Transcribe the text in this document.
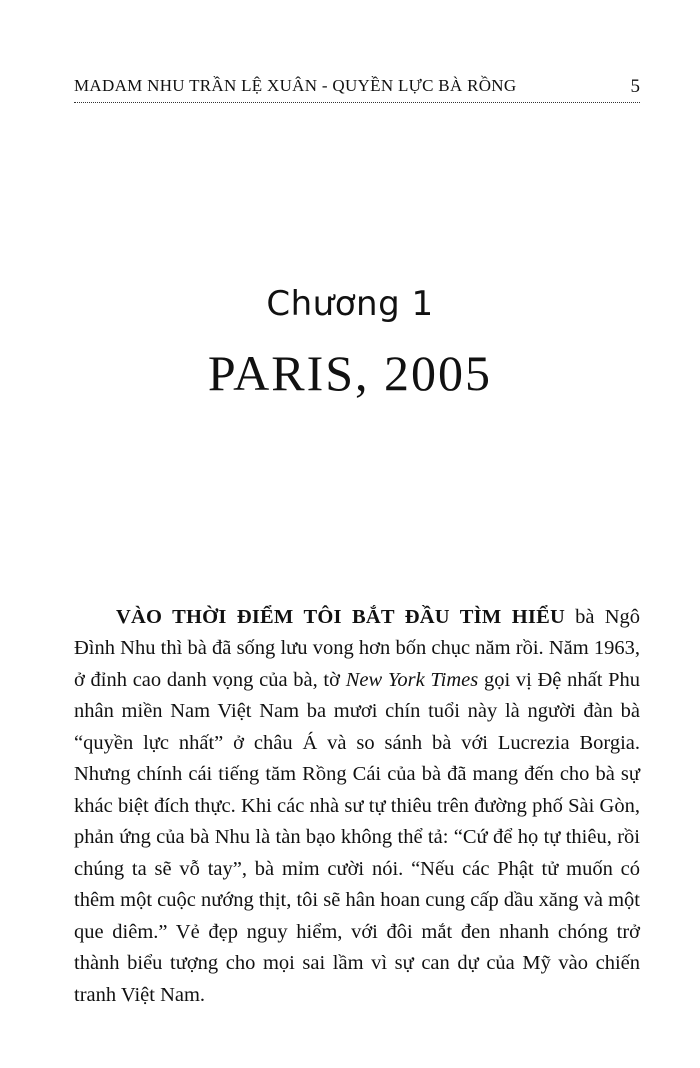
MADAM NHU TRẦN LỆ XUÂN - QUYỀN LỰC BÀ RỒNG	5
Chương 1
PARIS, 2005

VÀO THỜI ĐIỂM TÔI BẮT ĐẦU TÌM HIỂU bà Ngô Đình Nhu thì bà đã sống lưu vong hơn bốn chục năm rồi. Năm 1963, ở đỉnh cao danh vọng của bà, tờ New York Times gọi vị Đệ nhất Phu nhân miền Nam Việt Nam ba mươi chín tuổi này là người đàn bà “quyền lực nhất” ở châu Á và so sánh bà với Lucrezia Borgia. Nhưng chính cái tiếng tăm Rồng Cái của bà đã mang đến cho bà sự khác biệt đích thực. Khi các nhà sư tự thiêu trên đường phố Sài Gòn, phản ứng của bà Nhu là tàn bạo không thể tả: “Cứ để họ tự thiêu, rồi chúng ta sẽ vỗ tay”, bà mỉm cười nói. “Nếu các Phật tử muốn có thêm một cuộc nướng thịt, tôi sẽ hân hoan cung cấp dầu xăng và một que diêm.” Vẻ đẹp nguy hiểm, với đôi mắt đen nhanh chóng trở thành biểu tượng cho mọi sai lầm vì sự can dự của Mỹ vào chiến tranh Việt Nam.
